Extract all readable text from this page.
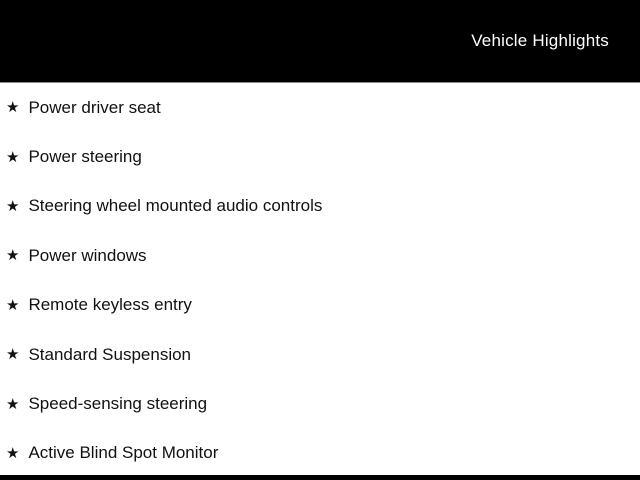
Vehicle Highlights
★ Power driver seat
★ Power steering
★ Steering wheel mounted audio controls
★ Power windows
★ Remote keyless entry
★ Standard Suspension
★ Speed-sensing steering
★ Active Blind Spot Monitor
